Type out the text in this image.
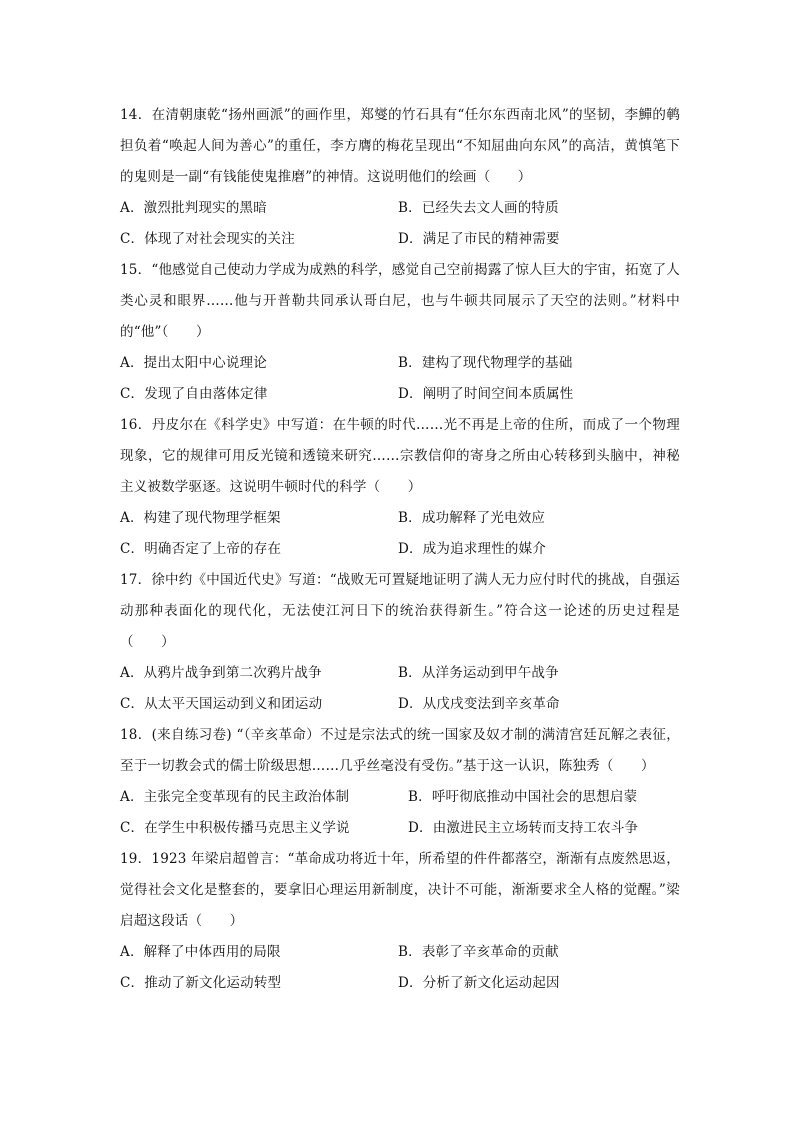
14．在清朝康乾“扬州画派”的画作里，郑燮的竹石具有“任尔东西南北风”的坚韧，李鱓的鹌担负着“唤起人间为善心”的重任，李方膺的梅花呈现出“不知屈曲向东风”的高洁，黄慎笔下的鬼则是一副“有钱能使鬼推磨”的神情。这说明他们的绘画（　　）

A．激烈批判现实的黑暗	B．已经失去文人画的特质
C．体现了对社会现实的关注	D．满足了市民的精神需要

15．“他感觉自己使动力学成为成熟的科学，感觉自己空前揭露了惊人巨大的宇宙，拓宽了人类心灵和眼界……他与开普勒共同承认哥白尼，也与牛顿共同展示了天空的法则。”材料中的“他”（　　）

A．提出太阳中心说理论	B．建构了现代物理学的基础
C．发现了自由落体定律	D．阐明了时间空间本质属性

16．丹皮尔在《科学史》中写道：在牛顿的时代……光不再是上帝的住所，而成了一个物理现象，它的规律可用反光镜和透镜来研究……宗教信仰的寄身之所由心转移到头脑中，神秘主义被数学驱逐。这说明牛顿时代的科学（　　）

A．构建了现代物理学框架	B．成功解释了光电效应
C．明确否定了上帝的存在	D．成为追求理性的媒介

17．徐中约《中国近代史》写道：“战败无可置疑地证明了满人无力应付时代的挑战，自强运动那种表面化的现代化，无法使江河日下的统治获得新生。”符合这一论述的历史过程是（　　）

A．从鸦片战争到第二次鸦片战争	B．从洋务运动到甲午战争
C．从太平天国运动到义和团运动	D．从戊戌变法到辛亥革命

18．(来自练习卷) “（辛亥革命）不过是宗法式的统一国家及奴才制的满清宫廷瓦解之表征，至于一切教会式的儒士阶级思想……几乎丝毫没有受伤。”基于这一认识，陈独秀（　　）

A．主张完全变革现有的民主政治体制	B．呼吁彻底推动中国社会的思想启蒙
C．在学生中积极传播马克思主义学说	D．由激进民主立场转而支持工农斗争

19．1923 年梁启超曾言：“革命成功将近十年，所希望的件件都落空，渐渐有点废然思返，觉得社会文化是整套的，要拿旧心理运用新制度，决计不可能，渐渐要求全人格的觉醒。”梁启超这段话（　　）

A．解释了中体西用的局限	B．表彰了辛亥革命的贡献
C．推动了新文化运动转型	D．分析了新文化运动起因
